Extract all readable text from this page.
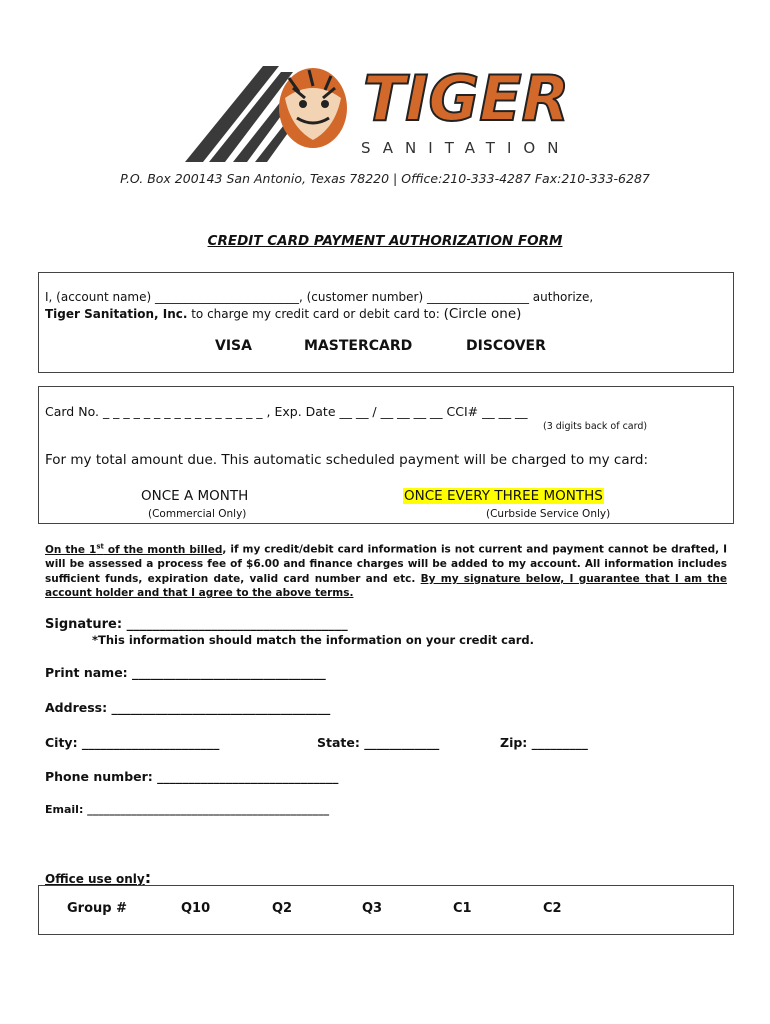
TIGER
SANITATION
P.O. Box 200143 San Antonio, Texas 78220 | Office:210-333-4287 Fax:210-333-6287
CREDIT CARD PAYMENT AUTHORIZATION FORM
I, (account name) ________________________, (customer number) _________________ authorize,
Tiger Sanitation, Inc. to charge my credit card or debit card to: (Circle one)
VISA	MASTERCARD	DISCOVER
Card No. _ _ _ _ _ _ _ _ _ _ _ _ _ _ _ _ , Exp. Date __ __ / __ __ __ __ CCI# __ __ __
(3 digits back of card)
For my total amount due. This automatic scheduled payment will be charged to my card:
ONCE A MONTH
(Commercial Only)
ONCE EVERY THREE MONTHS
(Curbside Service Only)
On the 1st of the month billed, if my credit/debit card information is not current and payment cannot be drafted, I will be assessed a process fee of $6.00 and finance charges will be added to my account. All information includes sufficient funds, expiration date, valid card number and etc. By my signature below, I guarantee that I am the account holder and that I agree to the above terms.
Signature: __________________________________
*This information should match the information on your credit card.
Print name: _______________________________
Address: ___________________________________
City: ______________________	State: ____________	Zip: _________
Phone number: _____________________________
Email: ____________________________________________
Office use only:
Group #	Q10	Q2	Q3	C1	C2
